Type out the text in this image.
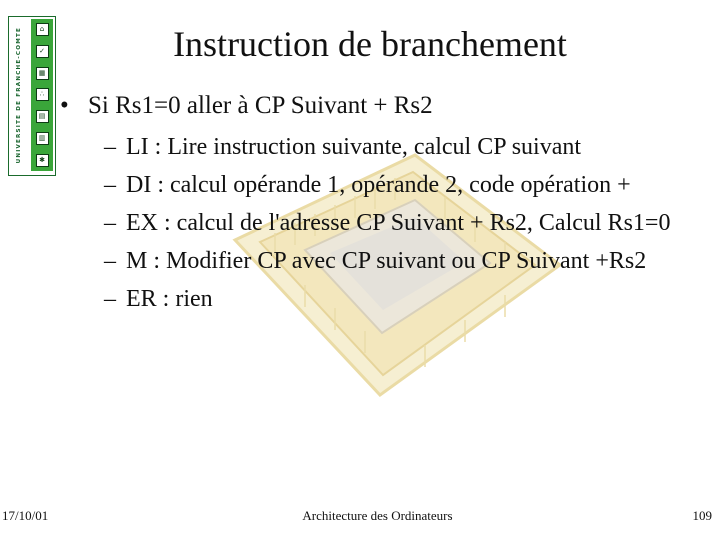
UNIVERSITE DE FRANCHE-COMTE	⌂
✓
▦
∴
▤
▥
✱
Instruction de branchement
• Si Rs1=0 aller à CP Suivant + Rs2
– LI : Lire instruction suivante, calcul CP suivant
– DI : calcul opérande 1, opérande 2, code opération +
– EX : calcul de l'adresse CP Suivant + Rs2, Calcul Rs1=0
– M : Modifier CP avec CP suivant ou CP Suivant +Rs2
– ER : rien
17/10/01	Architecture des Ordinateurs	109
